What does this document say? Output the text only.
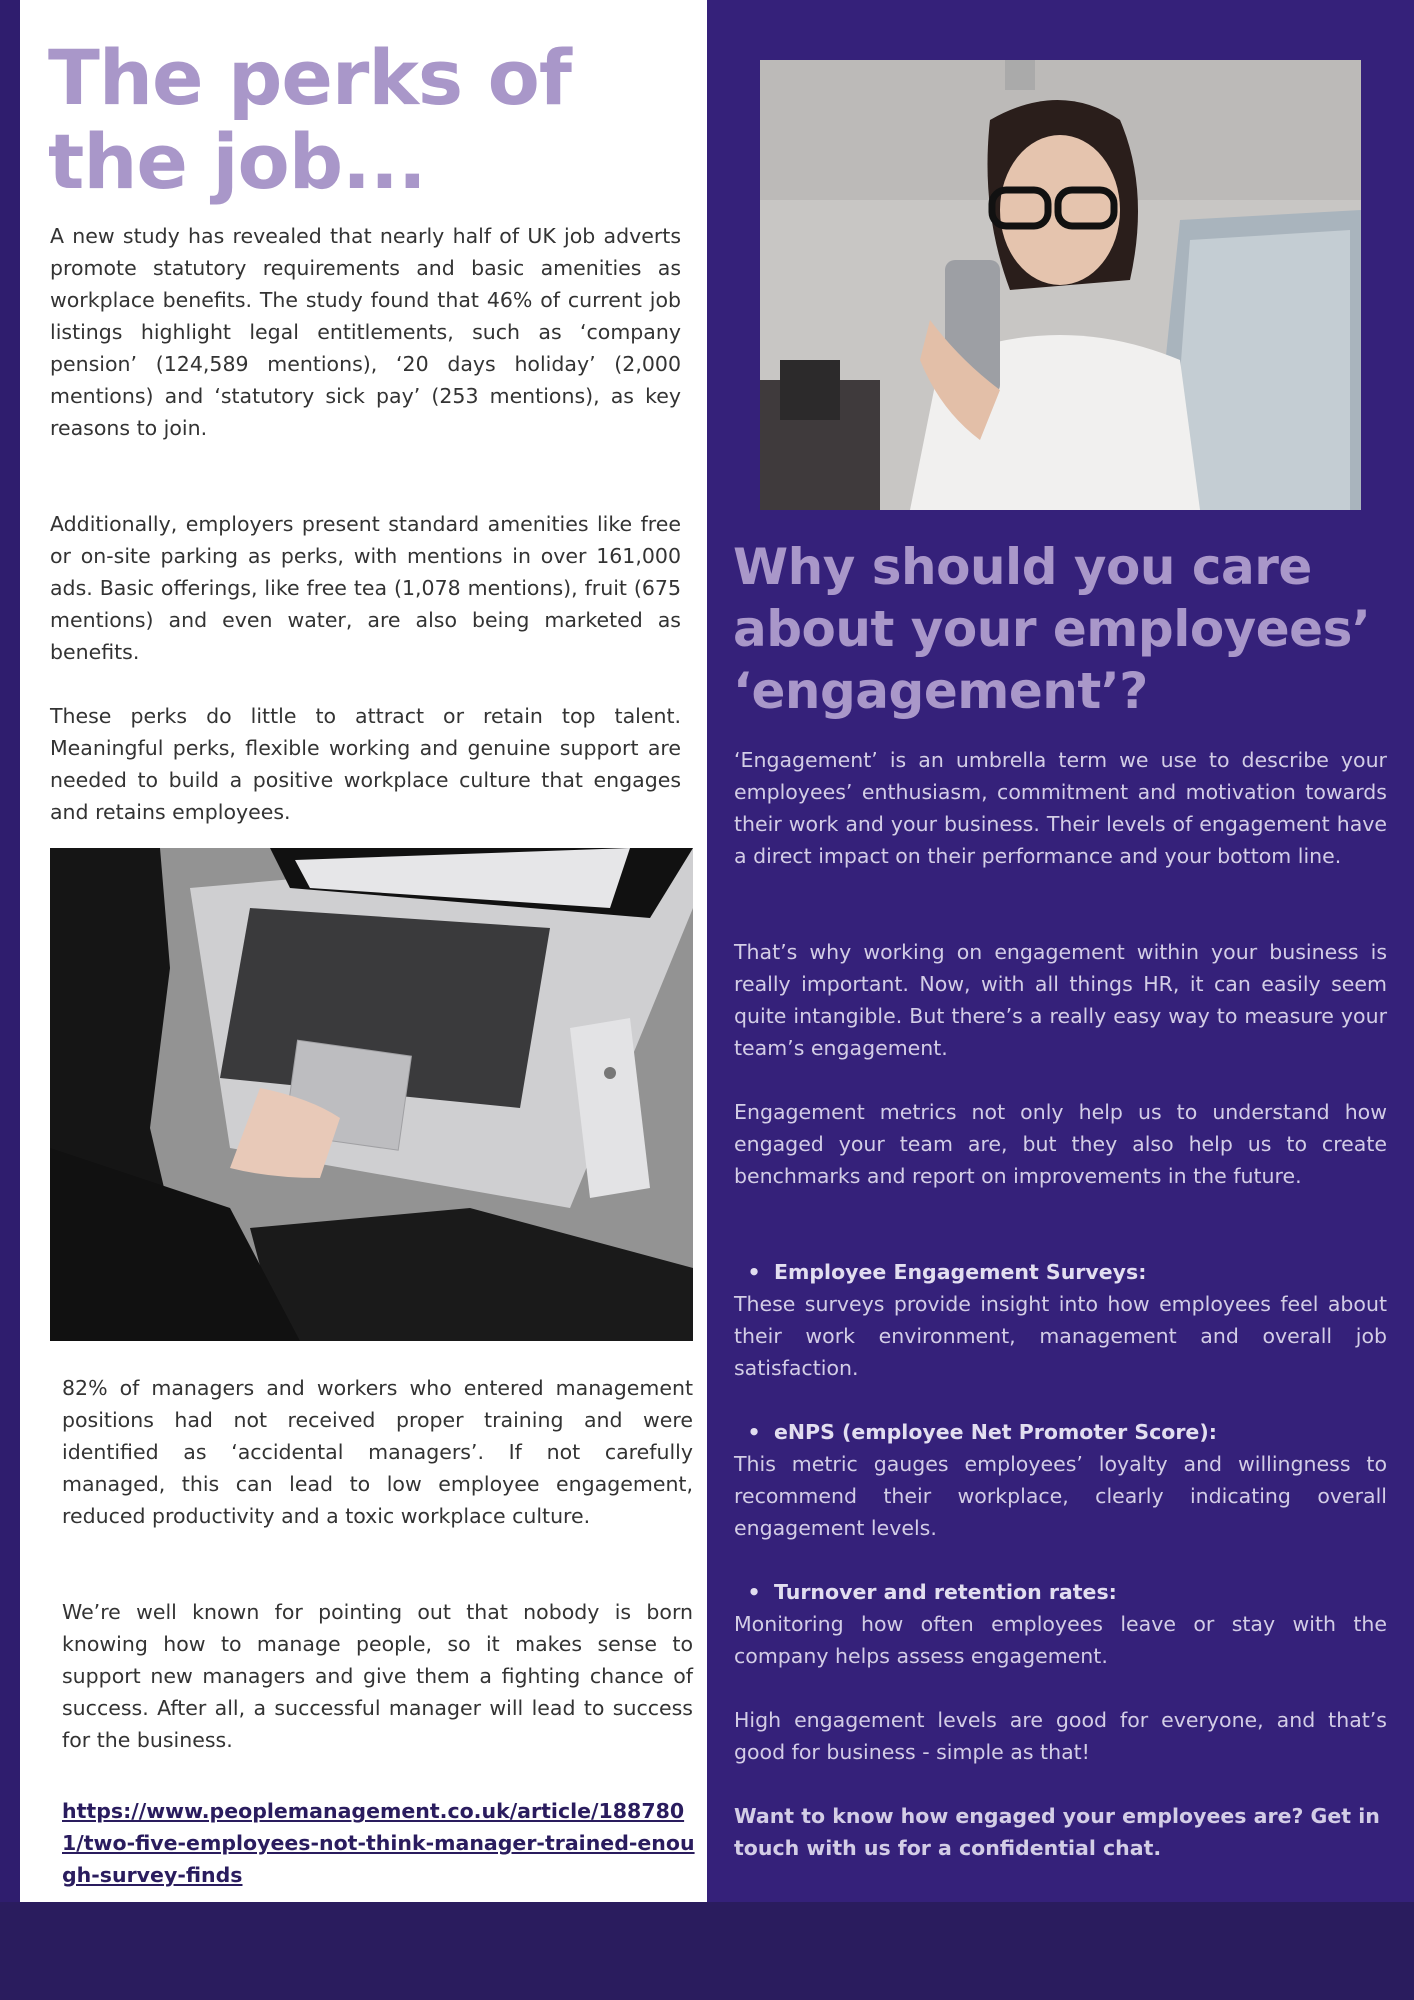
The perks of the job...

A new study has revealed that nearly half of UK job adverts promote statutory requirements and basic amenities as workplace benefits. The study found that 46% of current job listings highlight legal entitlements, such as ‘company pension’ (124,589 mentions), ‘20 days holiday’ (2,000 mentions) and ‘statutory sick pay’ (253 mentions), as key reasons to join.

Additionally, employers present standard amenities like free or on-site parking as perks, with mentions in over 161,000 ads. Basic offerings, like free tea (1,078 mentions), fruit (675 mentions) and even water, are also being marketed as benefits.

These perks do little to attract or retain top talent. Meaningful perks, flexible working and genuine support are needed to build a positive workplace culture that engages and retains employees.

82% of managers and workers who entered management positions had not received proper training and were identified as ‘accidental managers’. If not carefully managed, this can lead to low employee engagement, reduced productivity and a toxic workplace culture.

We’re well known for pointing out that nobody is born knowing how to manage people, so it makes sense to support new managers and give them a fighting chance of success. After all, a successful manager will lead to success for the business.

https://www.peoplemanagement.co.uk/article/1887801/two-five-employees-not-think-manager-trained-enough-survey-finds
Why should you care about your employees’ ‘engagement’?

‘Engagement’ is an umbrella term we use to describe your employees’ enthusiasm, commitment and motivation towards their work and your business. Their levels of engagement have a direct impact on their performance and your bottom line.

That’s why working on engagement within your business is really important. Now, with all things HR, it can easily seem quite intangible. But there’s a really easy way to measure your team’s engagement.

Engagement metrics not only help us to understand how engaged your team are, but they also help us to create benchmarks and report on improvements in the future.

• Employee Engagement Surveys:

These surveys provide insight into how employees feel about their work environment, management and overall job satisfaction.

• eNPS (employee Net Promoter Score):

This metric gauges employees’ loyalty and willingness to recommend their workplace, clearly indicating overall engagement levels.

• Turnover and retention rates:

Monitoring how often employees leave or stay with the company helps assess engagement.

High engagement levels are good for everyone, and that’s good for business - simple as that!

Want to know how engaged your employees are? Get in touch with us for a confidential chat.
